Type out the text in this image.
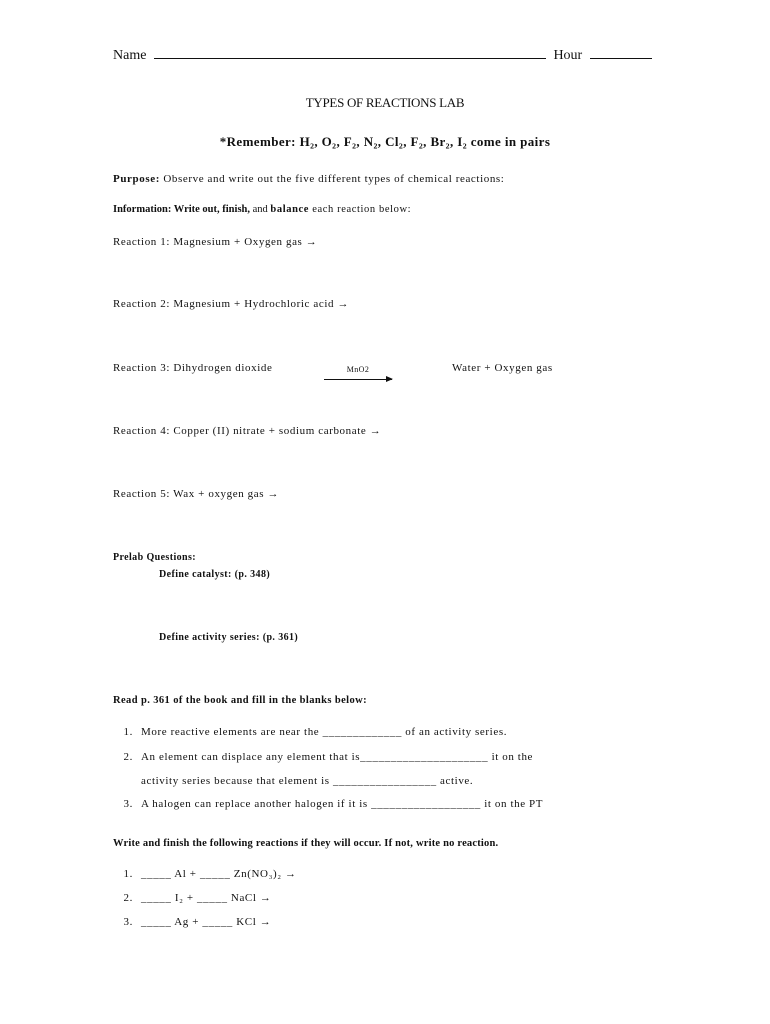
Name	Hour
TYPES OF REACTIONS LAB
*Remember: H₂, O₂, F₂, N₂, Cl₂, F₂, Br₂, I₂ come in pairs
Purpose: Observe and write out the five different types of chemical reactions:
Information: Write out, finish, and balance each reaction below:
Reaction 1: Magnesium + Oxygen gas →
Reaction 2: Magnesium + Hydrochloric acid →
Reaction 3: Dihydrogen dioxide	MnO2	Water + Oxygen gas
Reaction 4: Copper (II) nitrate + sodium carbonate →
Reaction 5: Wax + oxygen gas →
Prelab Questions:
Define catalyst: (p. 348)
Define activity series: (p. 361)
Read p. 361 of the book and fill in the blanks below:
1. More reactive elements are near the _____________ of an activity series.
2. An element can displace any element that is_____________________ it on the
activity series because that element is _________________ active.
3. A halogen can replace another halogen if it is __________________ it on the PT
Write and finish the following reactions if they will occur. If not, write no reaction.
1. _____ Al + _____ Zn(NO₃)₂ →
2. _____ I₂ + _____ NaCl →
3. _____ Ag + _____ KCl →
